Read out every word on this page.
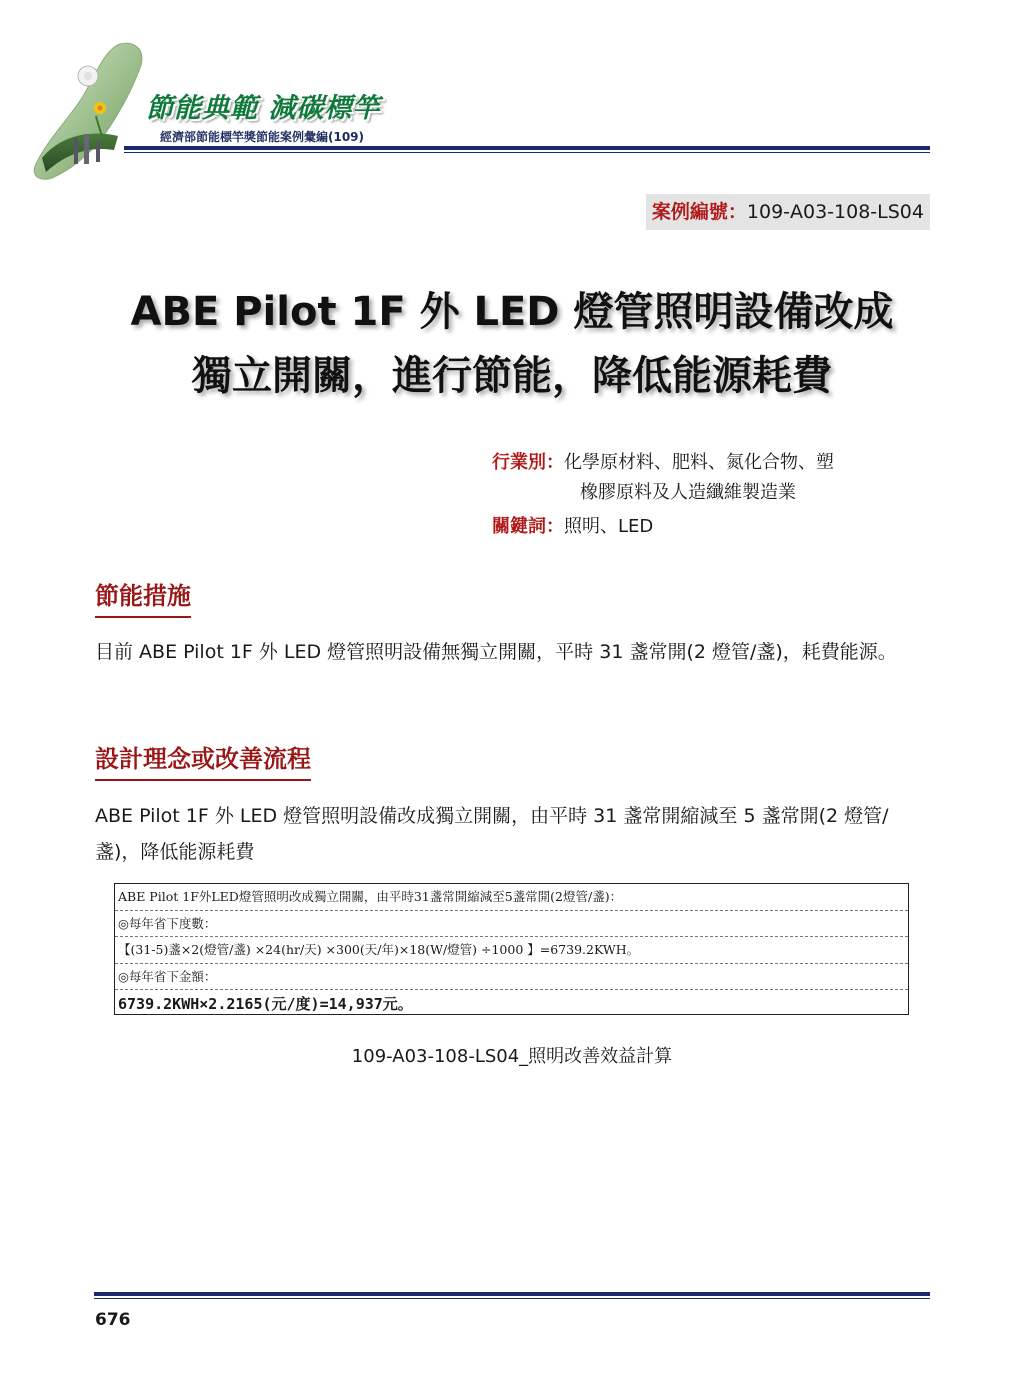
節能典範 減碳標竿
經濟部節能標竿獎節能案例彙編(109)
案例編號：109-A03-108-LS04
ABE Pilot 1F 外 LED 燈管照明設備改成
獨立開關，進行節能，降低能源耗費
行業別： 化學原材料、肥料、氮化合物、塑
橡膠原料及人造纖維製造業
關鍵詞： 照明、LED
節能措施
目前 ABE Pilot 1F 外 LED 燈管照明設備無獨立開關，平時 31 盞常開(2 燈管/盞)，耗費能源。
設計理念或改善流程
ABE Pilot 1F 外 LED 燈管照明設備改成獨立開關，由平時 31 盞常開縮減至 5 盞常開(2 燈管/盞)，降低能源耗費
ABE Pilot 1F外LED燈管照明改成獨立開關，由平時31盞常開縮減至5盞常開(2燈管/盞)：
◎每年省下度數：
【(31-5)盞×2(燈管/盞) ×24(hr/天) ×300(天/年)×18(W/燈管) ÷1000 】=6739.2KWH。
◎每年省下金額：
6739.2KWH×2.2165(元/度)=14,937元。
109-A03-108-LS04_照明改善效益計算
676
